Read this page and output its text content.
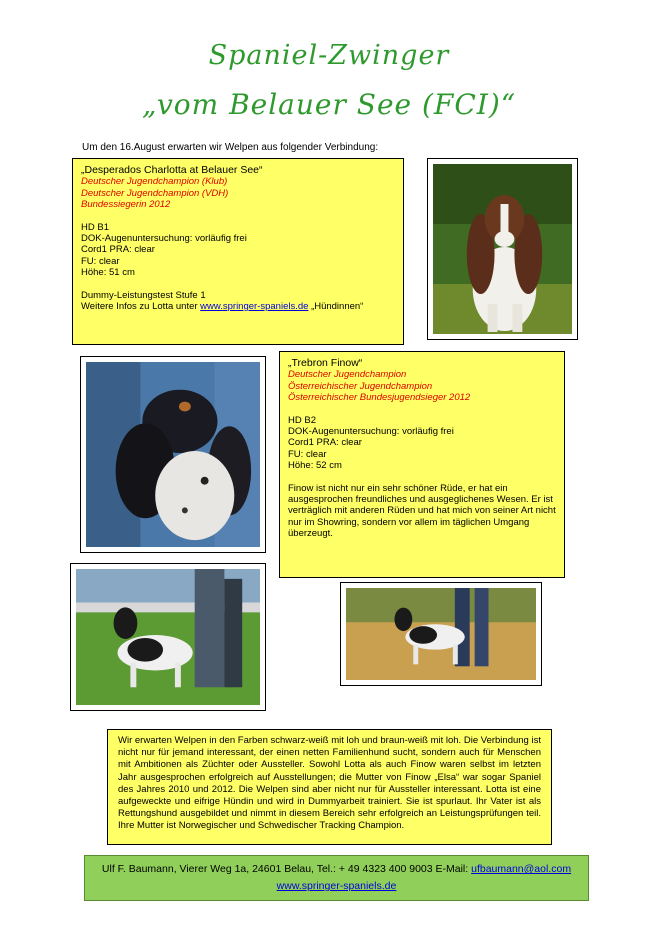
Spaniel-Zwinger
„vom Belauer See (FCI)“
Um den 16.August erwarten wir Welpen aus folgender Verbindung:
„Desperados Charlotta at Belauer See“
Deutscher Jugendchampion (Klub)
Deutscher Jugendchampion (VDH)
Bundessiegerin 2012
HD B1
DOK-Augenuntersuchung: vorläufig frei
Cord1 PRA: clear
FU: clear
Höhe: 51 cm
Dummy-Leistungstest Stufe 1
Weitere Infos zu Lotta unter www.springer-spaniels.de „Hündinnen“
„Trebron Finow“
Deutscher Jugendchampion
Österreichischer Jugendchampion
Österreichischer Bundesjugendsieger 2012
HD B2
DOK-Augenuntersuchung: vorläufig frei
Cord1 PRA: clear
FU: clear
Höhe: 52 cm
Finow ist nicht nur ein sehr schöner Rüde, er hat ein ausgesprochen freundliches und ausgeglichenes Wesen. Er ist verträglich mit anderen Rüden und hat mich von seiner Art nicht nur im Showring, sondern vor allem im täglichen Umgang überzeugt.
Wir erwarten Welpen in den Farben schwarz-weiß mit loh und braun-weiß mit loh. Die Verbindung ist nicht nur für jemand interessant, der einen netten Familienhund sucht, sondern auch für Menschen mit Ambitionen als Züchter oder Aussteller. Sowohl Lotta als auch Finow waren selbst im letzten Jahr ausgesprochen erfolgreich auf Ausstellungen; die Mutter von Finow „Elsa“ war sogar Spaniel des Jahres 2010 und 2012. Die Welpen sind aber nicht nur für Aussteller interessant. Lotta ist eine aufgeweckte und eifrige Hündin und wird in Dummyarbeit trainiert. Sie ist spurlaut. Ihr Vater ist als Rettungshund ausgebildet und nimmt in diesem Bereich sehr erfolgreich an Leistungsprüfungen teil. Ihre Mutter ist Norwegischer und Schwedischer Tracking Champion.
Ulf F. Baumann, Vierer Weg 1a, 24601 Belau, Tel.: + 49 4323 400 9003 E-Mail: ufbaumann@aol.com
www.springer-spaniels.de
